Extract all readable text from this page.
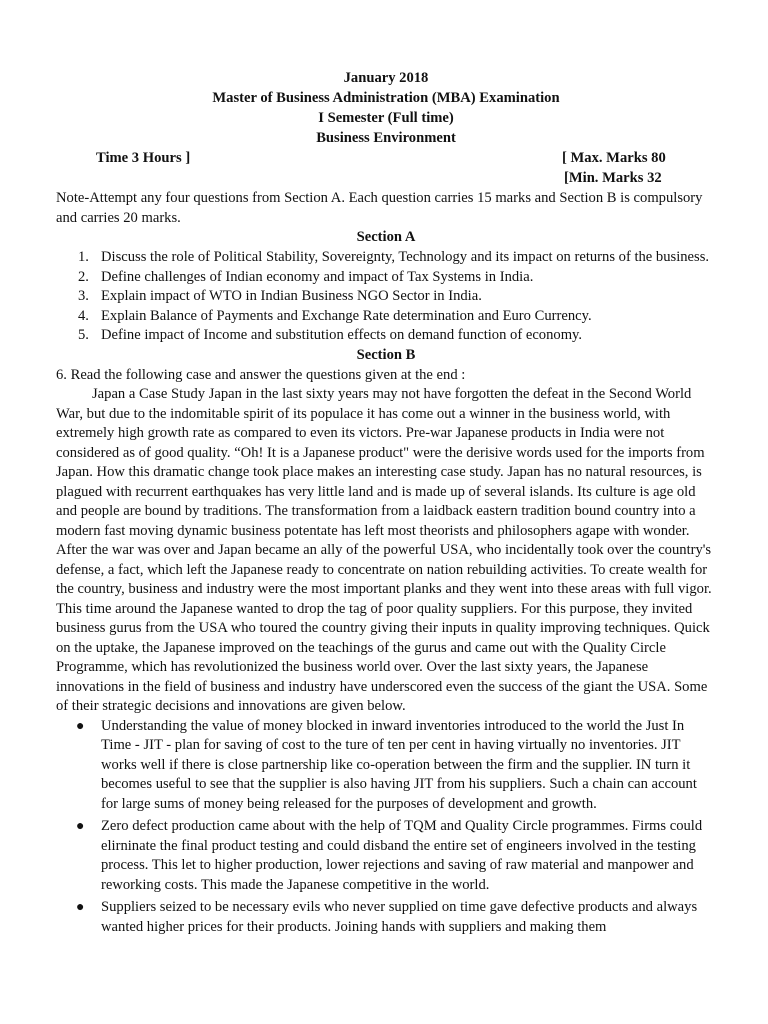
January 2018
Master of Business Administration (MBA) Examination
I Semester (Full time)
Business Environment
Time 3 Hours ]	[ Max. Marks 80
[Min. Marks 32

Note-Attempt any four questions from Section A. Each question carries 15 marks and Section B is compulsory and carries 20 marks.

Section A
1. Discuss the role of Political Stability, Sovereignty, Technology and its impact on returns of the business.
2. Define challenges of Indian economy and impact of Tax Systems in India.
3. Explain impact of WTO in Indian Business NGO Sector in India.
4. Explain Balance of Payments and Exchange Rate determination and Euro Currency.
5. Define impact of Income and substitution effects on demand function of economy.
Section B

6. Read the following case and answer the questions given at the end :

Japan a Case Study Japan in the last sixty years may not have forgotten the defeat in the Second World War, but due to the indomitable spirit of its populace it has come out a winner in the business world, with extremely high growth rate as compared to even its victors. Pre-war Japanese products in India were not considered as of good quality. “Oh! It is a Japanese product" were the derisive words used for the imports from Japan. How this dramatic change took place makes an interesting case study. Japan has no natural resources, is plagued with recurrent earthquakes has very little land and is made up of several islands. Its culture is age old and people are bound by traditions. The transformation from a laidback eastern tradition bound country into a modern fast moving dynamic business potentate has left most theorists and philosophers agape with wonder. After the war was over and Japan became an ally of the powerful USA, who incidentally took over the country's defense, a fact, which left the Japanese ready to concentrate on nation rebuilding activities. To create wealth for the country, business and industry were the most important planks and they went into these areas with full vigor. This time around the Japanese wanted to drop the tag of poor quality suppliers. For this purpose, they invited business gurus from the USA who toured the country giving their inputs in quality improving techniques. Quick on the uptake, the Japanese improved on the teachings of the gurus and came out with the Quality Circle Programme, which has revolutionized the business world over. Over the last sixty years, the Japanese innovations in the field of business and industry have underscored even the success of the giant the USA. Some of their strategic decisions and innovations are given below.

● Understanding the value of money blocked in inward inventories introduced to the world the Just In Time - JIT - plan for saving of cost to the ture of ten per cent in having virtually no inventories. JIT works well if there is close partnership like co-operation between the firm and the supplier. IN turn it becomes useful to see that the supplier is also having JIT from his suppliers. Such a chain can account for large sums of money being released for the purposes of development and growth.
● Zero defect production came about with the help of TQM and Quality Circle programmes. Firms could elirninate the final product testing and could disband the entire set of engineers involved in the testing process. This let to higher production, lower rejections and saving of raw material and manpower and reworking costs. This made the Japanese competitive in the world.
● Suppliers seized to be necessary evils who never supplied on time gave defective products and always wanted higher prices for their products. Joining hands with suppliers and making them
